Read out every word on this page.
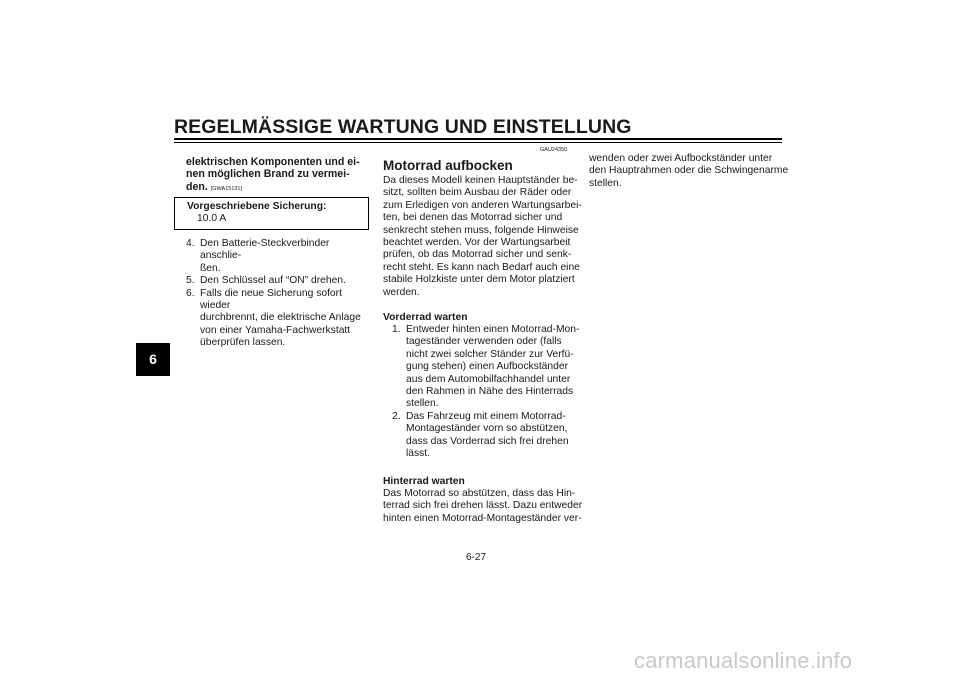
REGELMÄSSIGE WARTUNG UND EINSTELLUNG
6
elektrischen Komponenten und ei-
nen möglichen Brand zu vermei-
den. [GWA15131]
Vorgeschriebene Sicherung:
10.0 A
4. Den Batterie-Steckverbinder anschlie-
ßen.
5. Den Schlüssel auf “ON” drehen.
6. Falls die neue Sicherung sofort wieder
durchbrennt, die elektrische Anlage
von einer Yamaha-Fachwerkstatt
überprüfen lassen.
GAU24350
Motorrad aufbocken
Da dieses Modell keinen Hauptständer be-
sitzt, sollten beim Ausbau der Räder oder
zum Erledigen von anderen Wartungsarbei-
ten, bei denen das Motorrad sicher und
senkrecht stehen muss, folgende Hinweise
beachtet werden. Vor der Wartungsarbeit
prüfen, ob das Motorrad sicher und senk-
recht steht. Es kann nach Bedarf auch eine
stabile Holzkiste unter dem Motor platziert
werden.
Vorderrad warten
1. Entweder hinten einen Motorrad-Mon-
tageständer verwenden oder (falls
nicht zwei solcher Ständer zur Verfü-
gung stehen) einen Aufbockständer
aus dem Automobilfachhandel unter
den Rahmen in Nähe des Hinterrads
stellen.
2. Das Fahrzeug mit einem Motorrad-
Montageständer vorn so abstützen,
dass das Vorderrad sich frei drehen
lässt.
Hinterrad warten
Das Motorrad so abstützen, dass das Hin-
terrad sich frei drehen lässt. Dazu entweder
hinten einen Motorrad-Montageständer ver-
wenden oder zwei Aufbockständer unter
den Hauptrahmen oder die Schwingenarme
stellen.
6-27
carmanualsonline.info
